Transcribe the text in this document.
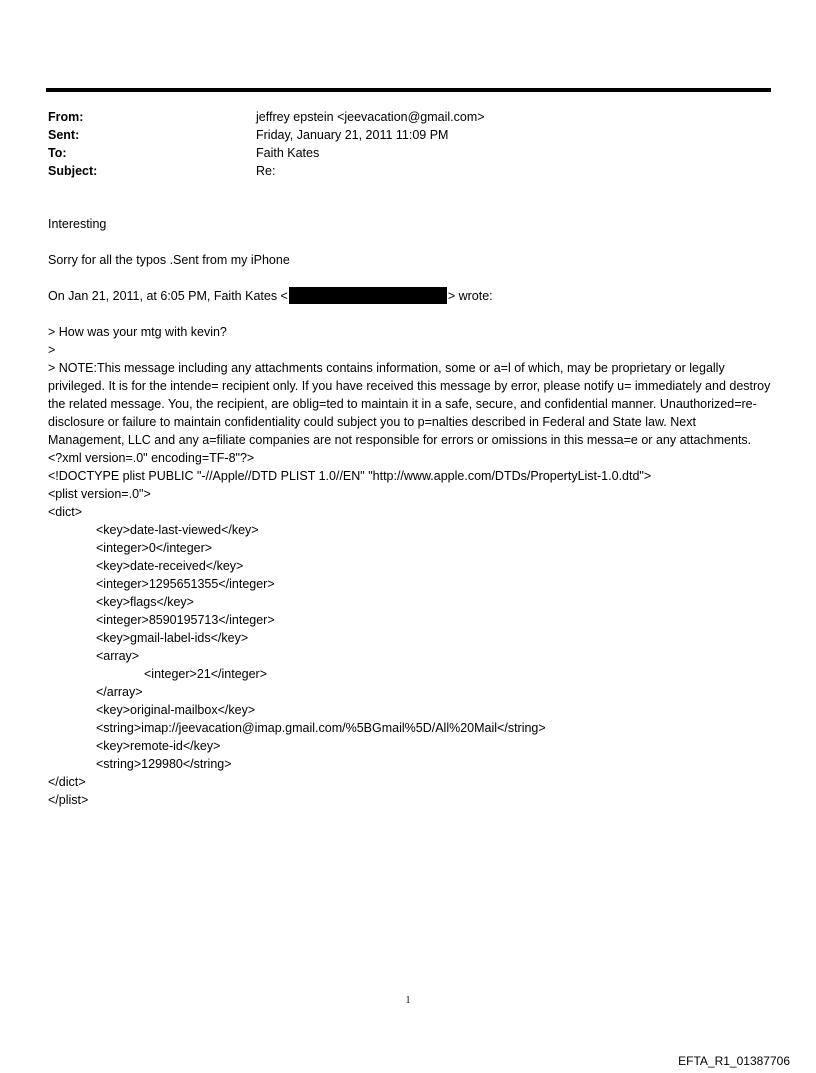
From:	jeffrey epstein <jeevacation@gmail.com>
Sent:	Friday, January 21, 2011 11:09 PM
To:	Faith Kates
Subject:	Re:

Interesting

Sorry for all the typos .Sent from my iPhone

On Jan 21, 2011, at 6:05 PM, Faith Kates <	> wrote:

> How was your mtg with kevin?

>

> NOTE:This message including any attachments contains information, some or a=l of which, may be proprietary or legally privileged. It is for the intende= recipient only. If you have received this message by error, please notify u= immediately and destroy the related message. You, the recipient, are oblig=ted to maintain it in a safe, secure, and confidential manner. Unauthorized=re-disclosure or failure to maintain confidentiality could subject you to p=nalties described in Federal and State law. Next Management, LLC and any a=filiate companies are not responsible for errors or omissions in this messa=e or any attachments.

<?xml version=.0" encoding=TF-8"?>

<!DOCTYPE plist PUBLIC "-//Apple//DTD PLIST 1.0//EN" "http://www.apple.com/DTDs/PropertyList-1.0.dtd">

<plist version=.0">

<dict>

<key>date-last-viewed</key>

<integer>0</integer>

<key>date-received</key>

<integer>1295651355</integer>

<key>flags</key>

<integer>8590195713</integer>

<key>gmail-label-ids</key>

<array>

<integer>21</integer>

</array>

<key>original-mailbox</key>

<string>imap://jeevacation@imap.gmail.com/%5BGmail%5D/All%20Mail</string>

<key>remote-id</key>

<string>129980</string>

</dict>

</plist>

1
EFTA_R1_01387706
